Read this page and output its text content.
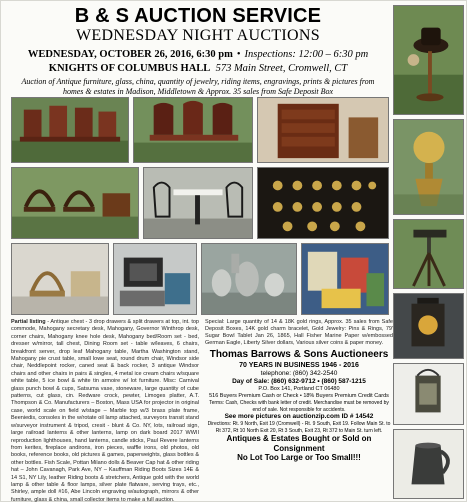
B & S AUCTION SERVICE
WEDNESDAY NIGHT AUCTIONS
WEDNESDAY, OCTOBER 26, 2016, 6:30 pm • Inspections: 12:00 – 6:30 pm
KNIGHTS OF COLUMBUS HALL 573 Main Street, Cromwell, CT
Auction of Antique furniture, glass, china, quantity of jewelry, riding items, engravings, prints & pictures from homes & estates in Madison, Middletown & Approx. 35 sales from Safe Deposit Box
Partial listing - Antique chest - 3 drop drawers & split drawers at top, int. top commode, Mahogany secretary desk, Mahogany, Governor Winthrop desk, corner chairs, Mahogany knee hole desk, Mahogany bed/Room set - bed, dresser w/mirror, tall chest, Dining Room set - table w/leaves, 6 chairs, breakfront server, drop leaf Mahogany table, Martha Washington stand, Mahogany pie crust table, small lowe seat, round drum chair, Windsor side chair, Neddlepoint rocker, caned seat & back rocker, 3 antique Windsor chairs and other chairs in pairs & singles, 4 metal ice cream chairs w/square white table, 5 ice bowl & white tin armoire w/ lot furniture. Misc: Carnival glass punch bowl & cups, Satsuma vase, stoneware, large quantity of cube patterns, cut glass, cin. Redware crock, pewter, Limoges platter, A.T. Thompson & Co. Manufacturers – Boston, Mass USA for projector in original case, world scale on field w/stage – Marble top w/3 brass plate frame, Beeniedis, consoles in the w/rotate oil lamp attached, surveyors transit stand w/surveyor instrument & tripod, cresit - blunt & Co. NY, lots, railroad sign, large railroad lanterns & other lanterns, lamp on dark board 2017 WWII reproduction lighthouses, hand lanterns, candle sticks, Paul Revere lanterns from kerites, fireplace andirons, iron pieces, waffle irons, old photos, old books, reference books, old pictures & games, paperweights, glass bottles & other bottles. Fish Scale, Pottan Milano dolls & Beaver Cap hat & other riding hat – John Cavanagh, Park Ave, NY – Kauffman Riding Boots Sizes 14E & 14 S1, NY Lily, leather Riding boots & stretchers, Antique gold with the world lamp & other table & floor lamps, silver plate flatware, serving trays, etc., Shirley, ample doll #16, Abe Lincoln engraving w/autograph, mirrors & other furniture, glass & china, small collector items to make a full auction.
Special: Large quantity of 14 & 18K gold rings, Approx. 35 sales from Safe Deposit Boxes, 14K gold charm bracelet, Gold Jewelry: Pins & Rings, 79' Sugar Bowl Tablet Jan 26, 1865, Hall Fisher Marine Paper w/embossed German Eagle, Liberty Silver dollars, Various silver coins & paper money.
Thomas Barrows & Sons Auctioneers
70 YEARS IN BUSINESS 1946 - 2016
telephone: (860) 342-2540
Day of Sale: (860) 632-9712 • (860) 587-1215
P.O. Box 141, Portland CT 06480
516 Buyers Premium Cash or Check • 18% Buyers Premium Credit Cards
Terms: Cash, Checks with bank letter of credit. Merchandise must be removed by end of sale. Not responsible for accidents.
See more pictures on auctionzip.com ID # 14542
Directions: Rt. 9 North, Exit 19 (Cromwell) - Rt. 9 South, Exit 19. Follow Main St. to Rt 372, Rt 10 North Exit 20, Rt 3 South, Exit 23, Rt 372 to Main St. turn left.
Antiques & Estates Bought or Sold on Consignment
No Lot Too Large or Too Small!!!
